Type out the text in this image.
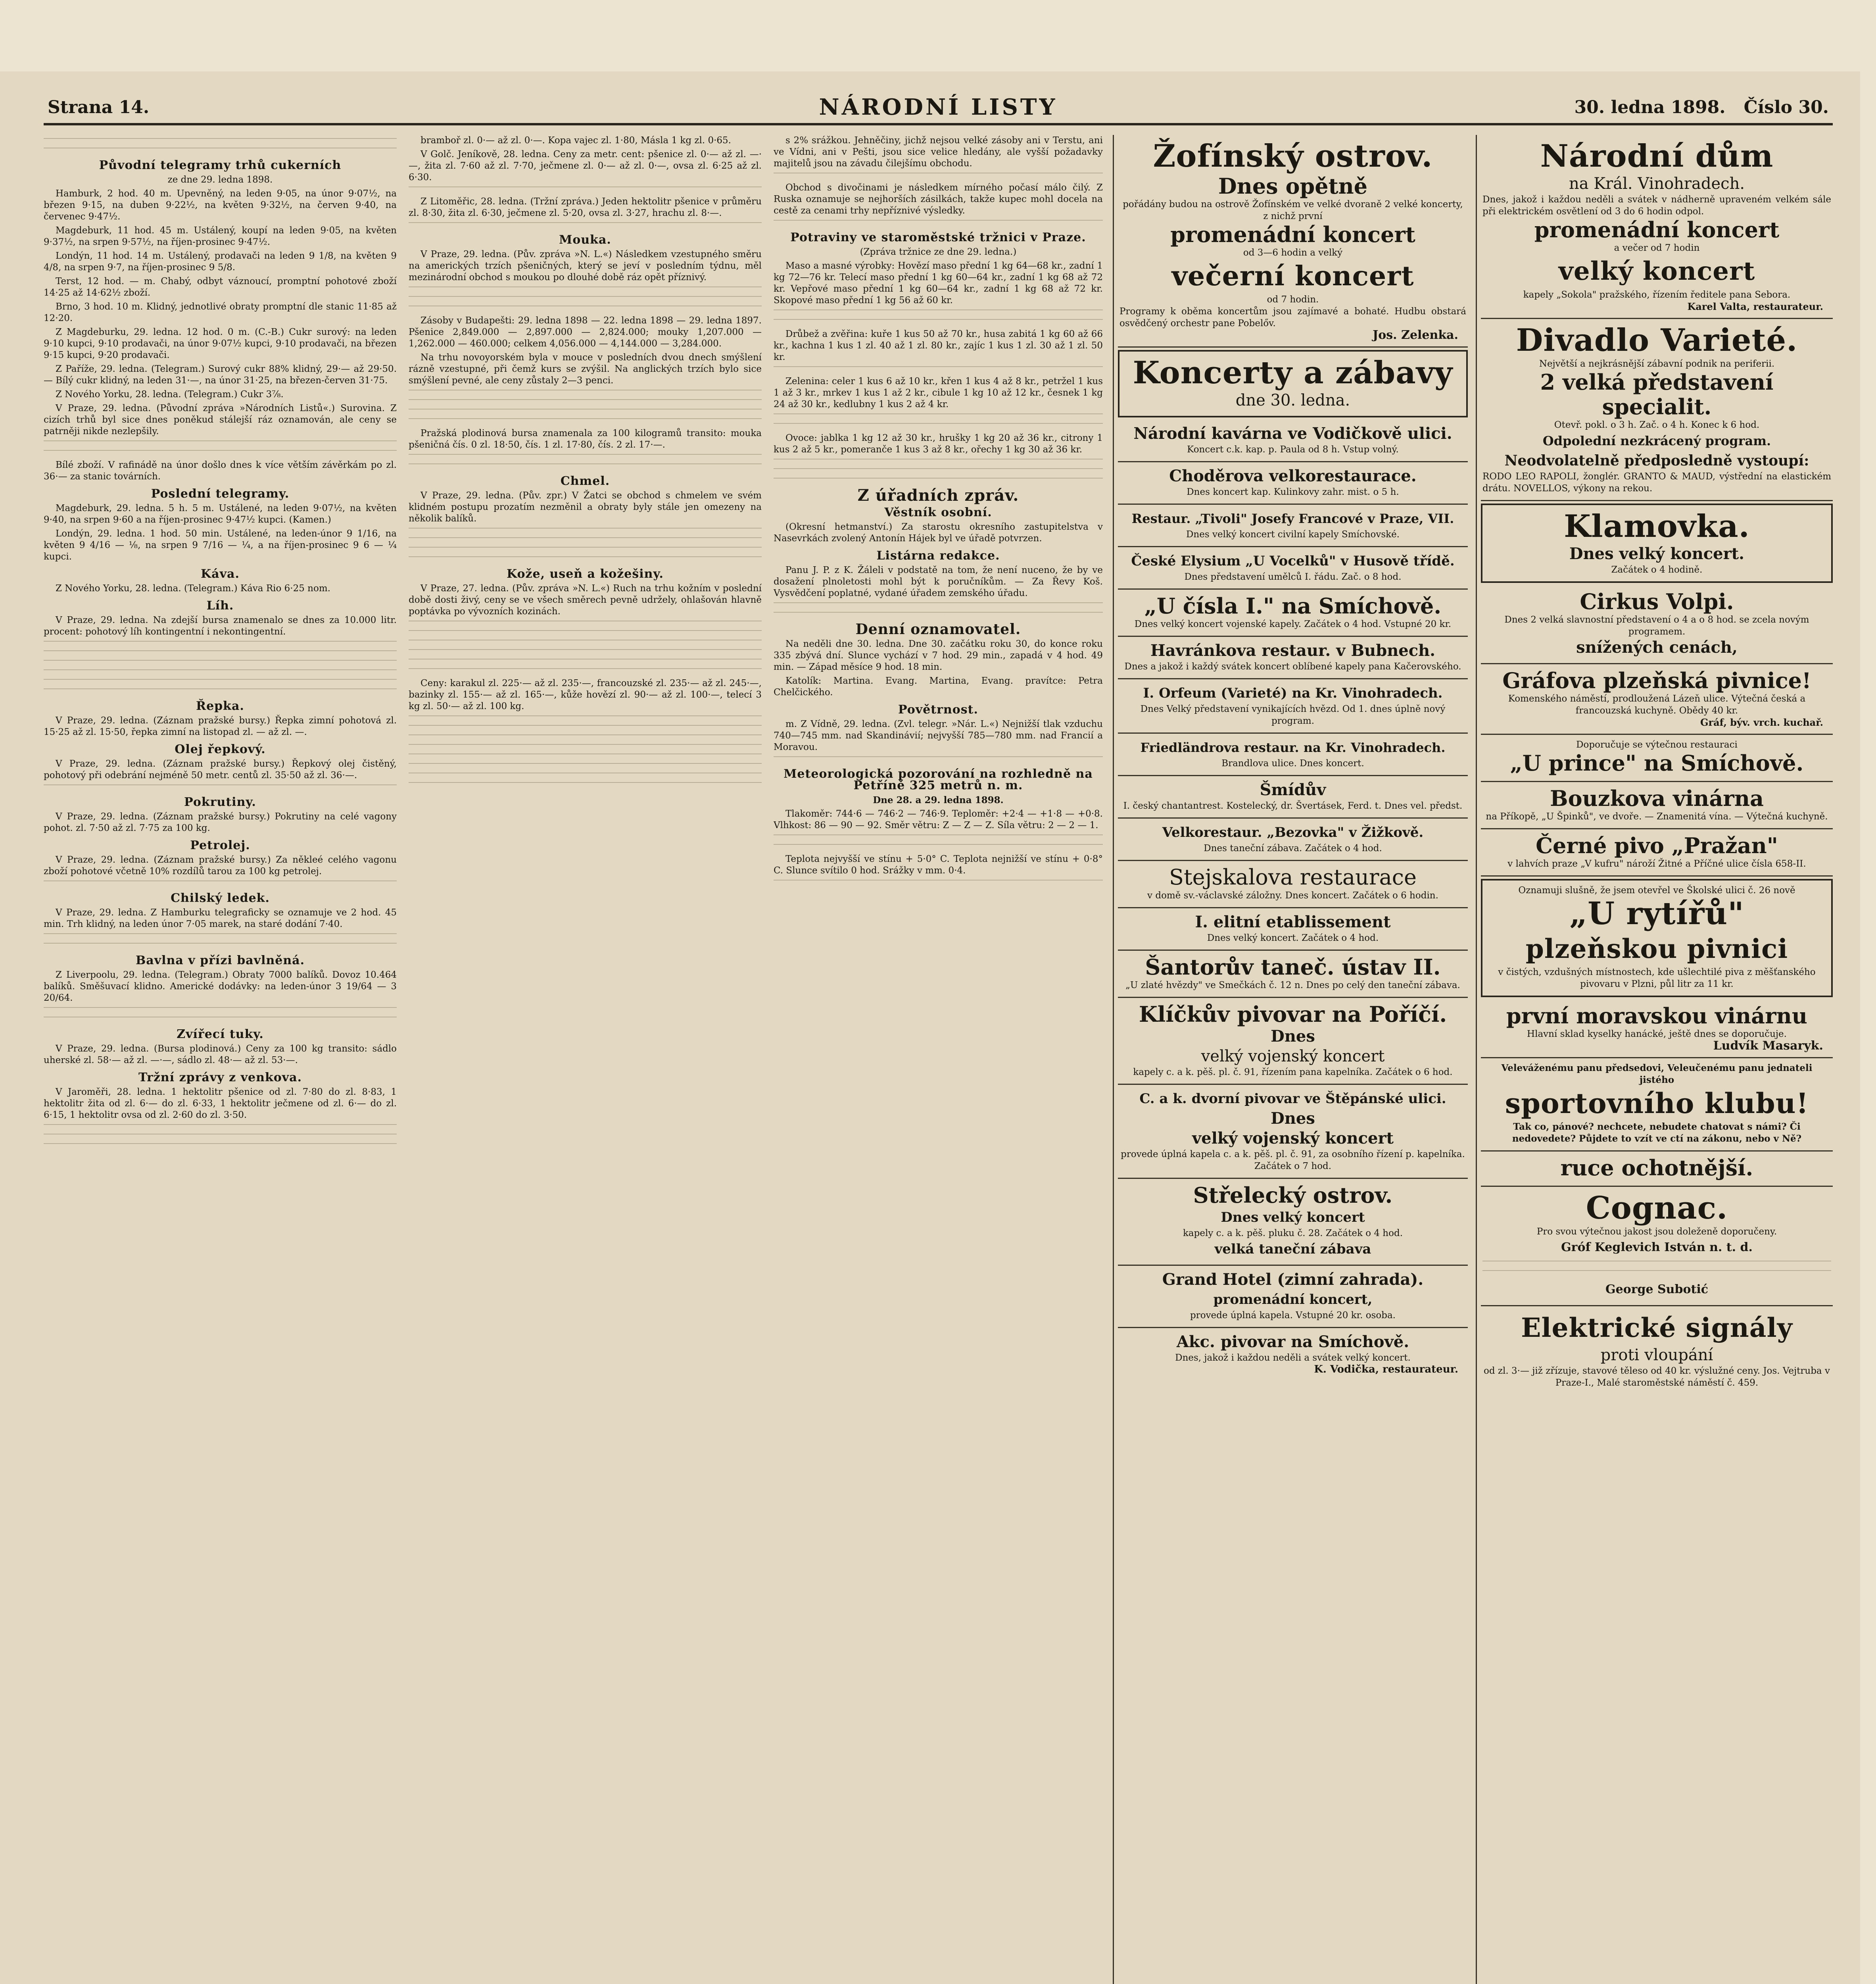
Strana 14.	NÁRODNÍ LISTY	30. ledna 1898. Číslo 30.
Původní telegramy trhů cukerních

ze dne 29. ledna 1898.

Hamburk, 2 hod. 40 m. Upevněný, na leden 9·05, na únor 9·07½, na březen 9·15, na duben 9·22½, na květen 9·32½, na červen 9·40, na červenec 9·47½.

Magdeburk, 11 hod. 45 m. Ustálený, koupí na leden 9·05, na květen 9·37½, na srpen 9·57½, na říjen-prosinec 9·47½.

Londýn, 11 hod. 14 m. Ustálený, prodavači na leden 9 1/8, na květen 9 4/8, na srpen 9·7, na říjen-prosinec 9 5/8.

Terst, 12 hod. — m. Chabý, odbyt váznoucí, promptní pohotové zboží 14·25 až 14·62½ zboží.

Brno, 3 hod. 10 m. Klidný, jednotlivé obraty promptní dle stanic 11·85 až 12·20.

Z Magdeburku, 29. ledna. 12 hod. 0 m. (C.-B.) Cukr surový: na leden 9·10 kupci, 9·10 prodavači, na únor 9·07½ kupci, 9·10 prodavači, na březen 9·15 kupci, 9·20 prodavači.

Z Paříže, 29. ledna. (Telegram.) Surový cukr 88% klidný, 29·— až 29·50. — Bílý cukr klidný, na leden 31·—, na únor 31·25, na březen-červen 31·75.

Z Nového Yorku, 28. ledna. (Telegram.) Cukr 3⅞.

V Praze, 29. ledna. (Původní zpráva »Národních Listů«.) Surovina. Z cizích trhů byl sice dnes poněkud stálejší ráz oznamován, ale ceny se patrněji nikde nezlepšily.

Bílé zboží. V rafinádě na únor došlo dnes k více větším závěrkám po zl. 36·— za stanic továrních.

Poslední telegramy.

Magdeburk, 29. ledna. 5 h. 5 m. Ustálené, na leden 9·07½, na květen 9·40, na srpen 9·60 a na říjen-prosinec 9·47½ kupci. (Kamen.)

Londýn, 29. ledna. 1 hod. 50 min. Ustálené, na leden-únor 9 1/16, na květen 9 4/16 — ⅛, na srpen 9 7/16 — ¼, a na říjen-prosinec 9 6 — ¼ kupci.

Káva.

Z Nového Yorku, 28. ledna. (Telegram.) Káva Rio 6·25 nom.

Líh.

V Praze, 29. ledna. Na zdejší bursa znamenalo se dnes za 10.000 litr. procent: pohotový líh kontingentní i nekontingentní.

Řepka.

V Praze, 29. ledna. (Záznam pražské bursy.) Řepka zimní pohotová zl. 15·25 až zl. 15·50, řepka zimní na listopad zl. — až zl. —.

Olej řepkový.

V Praze, 29. ledna. (Záznam pražské bursy.) Řepkový olej čistěný, pohotový při odebrání nejméně 50 metr. centů zl. 35·50 až zl. 36·—.

Pokrutiny.

V Praze, 29. ledna. (Záznam pražské bursy.) Pokrutiny na celé vagony pohot. zl. 7·50 až zl. 7·75 za 100 kg.

Petrolej.

V Praze, 29. ledna. (Záznam pražské bursy.) Za někleé celého vagonu zboží pohotové včetně 10% rozdílů tarou za 100 kg petrolej.

Chilský ledek.

V Praze, 29. ledna. Z Hamburku telegraficky se oznamuje ve 2 hod. 45 min. Trh klidný, na leden únor 7·05 marek, na staré dodání 7·40.

Bavlna v přízi bavlněná.

Z Liverpoolu, 29. ledna. (Telegram.) Obraty 7000 balíků. Dovoz 10.464 balíků. Směšuvací klidno. Americké dodávky: na leden-únor 3 19/64 — 3 20/64.

Zvířecí tuky.

V Praze, 29. ledna. (Bursa plodinová.) Ceny za 100 kg transito: sádlo uherské zl. 58·— až zl. —·—, sádlo zl. 48·— až zl. 53·—.

Tržní zprávy z venkova.

V Jaroměři, 28. ledna. 1 hektolitr pšenice od zl. 7·80 do zl. 8·83, 1 hektolitr žita od zl. 6·— do zl. 6·33, 1 hektolitr ječmene od zl. 6·— do zl. 6·15, 1 hektolitr ovsa od zl. 2·60 do zl. 3·50.

bramboř zl. 0·— až zl. 0·—. Kopa vajec zl. 1·80, Másla 1 kg zl. 0·65.

V Golč. Jeníkově, 28. ledna. Ceny za metr. cent: pšenice zl. 0·— až zl. —·—, žita zl. 7·60 až zl. 7·70, ječmene zl. 0·— až zl. 0·—, ovsa zl. 6·25 až zl. 6·30.

Z Litoměřic, 28. ledna. (Tržní zpráva.) Jeden hektolitr pšenice v průměru zl. 8·30, žita zl. 6·30, ječmene zl. 5·20, ovsa zl. 3·27, hrachu zl. 8·—.

Mouka.

V Praze, 29. ledna. (Pův. zpráva »N. L.«) Následkem vzestupného směru na amerických trzích pšeničných, který se jeví v posledním týdnu, měl mezinárodní obchod s moukou po dlouhé době ráz opět příznivý.

Zásoby v Budapešti: 29. ledna 1898 — 22. ledna 1898 — 29. ledna 1897. Pšenice 2,849.000 — 2,897.000 — 2,824.000; mouky 1,207.000 — 1,262.000 — 460.000; celkem 4,056.000 — 4,144.000 — 3,284.000.

Na trhu novoyorském byla v mouce v posledních dvou dnech smýšlení rázně vzestupné, při čemž kurs se zvýšil. Na anglických trzích bylo sice smýšlení pevné, ale ceny zůstaly 2—3 penci.

Pražská plodinová bursa znamenala za 100 kilogramů transito: mouka pšeničná čís. 0 zl. 18·50, čís. 1 zl. 17·80, čís. 2 zl. 17·—.

Chmel.

V Praze, 29. ledna. (Pův. zpr.) V Žatci se obchod s chmelem ve svém klidném postupu prozatím nezměnil a obraty byly stále jen omezeny na několik balíků.

Kože, useň a kožešiny.

V Praze, 27. ledna. (Pův. zpráva »N. L.«) Ruch na trhu kožním v poslední době dosti živý, ceny se ve všech směrech pevně udržely, ohlašován hlavně poptávka po vývozních kozinách.

Ceny: karakul zl. 225·— až zl. 235·—, francouzské zl. 235·— až zl. 245·—, bazinky zl. 155·— až zl. 165·—, kůže hovězí zl. 90·— až zl. 100·—, telecí 3 kg zl. 50·— až zl. 100 kg.

s 2% srážkou. Jehněčiny, jichž nejsou velké zásoby ani v Terstu, ani ve Vídni, ani v Pešti, jsou sice velice hledány, ale vyšší požadavky majitelů jsou na závadu čilejšímu obchodu.

Obchod s divočinami je následkem mírného počasí málo čilý. Z Ruska oznamuje se nejhorších zásilkách, takže kupec mohl docela na cestě za cenami trhy nepříznivé výsledky.

Potraviny ve staroměstské tržnici v Praze.

(Zpráva tržnice ze dne 29. ledna.)

Maso a masné výrobky: Hovězí maso přední 1 kg 64—68 kr., zadní 1 kg 72—76 kr. Telecí maso přední 1 kg 60—64 kr., zadní 1 kg 68 až 72 kr. Vepřové maso přední 1 kg 60—64 kr., zadní 1 kg 68 až 72 kr. Skopové maso přední 1 kg 56 až 60 kr.

Drůbež a zvěřina: kuře 1 kus 50 až 70 kr., husa zabitá 1 kg 60 až 66 kr., kachna 1 kus 1 zl. 40 až 1 zl. 80 kr., zajíc 1 kus 1 zl. 30 až 1 zl. 50 kr.

Zelenina: celer 1 kus 6 až 10 kr., křen 1 kus 4 až 8 kr., petržel 1 kus 1 až 3 kr., mrkev 1 kus 1 až 2 kr., cibule 1 kg 10 až 12 kr., česnek 1 kg 24 až 30 kr., kedlubny 1 kus 2 až 4 kr.

Ovoce: jablka 1 kg 12 až 30 kr., hrušky 1 kg 20 až 36 kr., citrony 1 kus 2 až 5 kr., pomeranče 1 kus 3 až 8 kr., ořechy 1 kg 30 až 36 kr.

Z úřadních zpráv.
Věstník osobní.

(Okresní hetmanství.) Za starostu okresního zastupitelstva v Nasevrkách zvolený Antonín Hájek byl ve úřadě potvrzen.

Listárna redakce.

Panu J. P. z K. Žáleli v podstatě na tom, že není nuceno, že by ve dosažení plnoletosti mohl být k poručníkům. — Za Řevy Koš. Vysvědčení poplatné, vydané úřadem zemského úřadu.

Denní oznamovatel.

Na neděli dne 30. ledna. Dne 30. začátku roku 30, do konce roku 335 zbývá dní. Slunce vychází v 7 hod. 29 min., zapadá v 4 hod. 49 min. — Západ měsíce 9 hod. 18 min.

Katolík: Martina. Evang. Martina, Evang. pravítce: Petra Chelčického.

Povětrnost.

m. Z Vídně, 29. ledna. (Zvl. telegr. »Nár. L.«) Nejnižší tlak vzduchu 740—745 mm. nad Skandinávií; nejvyšší 785—780 mm. nad Francií a Moravou.

Meteorologická pozorování na rozhledně na Petříně 325 metrů n. m.

Dne 28. a 29. ledna 1898.

Tlakoměr: 744·6 — 746·2 — 746·9. Teploměr: +2·4 — +1·8 — +0·8. Vlhkost: 86 — 90 — 92. Směr větru: Z — Z — Z. Síla větru: 2 — 2 — 1.

Teplota nejvyšší ve stínu + 5·0° C. Teplota nejnižší ve stínu + 0·8° C. Slunce svítilo 0 hod. Srážky v mm. 0·4.

Žofínský ostrov.
Dnes opětně
pořádány budou na ostrově Žofínském ve velké dvoraně 2 velké koncerty, z nichž první
promenádní koncert
od 3—6 hodin a velký
večerní koncert
od 7 hodin.
Programy k oběma koncertům jsou zajímavé a bohaté. Hudbu obstará osvědčený orchestr pane Pobelőv.
Jos. Zelenka.
Koncerty a zábavy
dne 30. ledna.
Národní kavárna ve Vodičkově ulici.
Koncert c.k. kap. p. Paula od 8 h. Vstup volný.
Choděrova velkorestaurace.
Dnes koncert kap. Kulinkovy zahr. mist. o 5 h.
Restaur. „Tivoli" Josefy Francové v Praze, VII.
Dnes velký koncert civilní kapely Smíchovské.
České Elysium „U Vocelků" v Husově třídě.
Dnes představení umělců I. řádu. Zač. o 8 hod.
„U čísla I." na Smíchově.
Dnes velký koncert vojenské kapely. Začátek o 4 hod. Vstupné 20 kr.
Havránkova restaur. v Bubnech.
Dnes a jakož i každý svátek koncert oblíbené kapely pana Kačerovského.
I. Orfeum (Varieté) na Kr. Vinohradech.
Dnes Velký představení vynikajících hvězd. Od 1. dnes úplně nový program.
Friedländrova restaur. na Kr. Vinohradech.
Brandlova ulice. Dnes koncert.
Šmídův
I. český chantantrest. Kostelecký, dr. Švertásek, Ferd. t. Dnes vel. předst.
Velkorestaur. „Bezovka" v Žižkově.
Dnes taneční zábava. Začátek o 4 hod.
Stejskalova restaurace
v domě sv.-václavské záložny. Dnes koncert. Začátek o 6 hodin.
I. elitní etablissement
Dnes velký koncert. Začátek o 4 hod.
Šantorův taneč. ústav II.
„U zlaté hvězdy" ve Smečkách č. 12 n. Dnes po celý den taneční zábava.
Klíčkův pivovar na Poříčí.
Dnes
velký vojenský koncert
kapely c. a k. pěš. pl. č. 91, řízením pana kapelníka. Začátek o 6 hod.
C. a k. dvorní pivovar ve Štěpánské ulici.
Dnes
velký vojenský koncert
provede úplná kapela c. a k. pěš. pl. č. 91, za osobního řízení p. kapelníka. Začátek o 7 hod.
Střelecký ostrov.
Dnes velký koncert
kapely c. a k. pěš. pluku č. 28. Začátek o 4 hod.
velká taneční zábava
Grand Hotel (zimní zahrada).
promenádní koncert,
provede úplná kapela. Vstupné 20 kr. osoba.
Akc. pivovar na Smíchově.
Dnes, jakož i každou neděli a svátek velký koncert.
K. Vodička, restaurateur.
Národní dům
na Král. Vinohradech.
Dnes, jakož i každou neděli a svátek v nádherně upraveném velkém sále při elektrickém osvětlení od 3 do 6 hodin odpol.
promenádní koncert
a večer od 7 hodin
velký koncert
kapely „Sokola" pražského, řízením ředitele pana Sebora.
Karel Valta, restaurateur.
Divadlo Varieté.
Největší a nejkrásnější zábavní podnik na periferii.
2 velká představení specialit.
Otevř. pokl. o 3 h. Zač. o 4 h. Konec k 6 hod.
Odpolední nezkrácený program.
Neodvolatelně předposledně vystoupí:
RODO LEO RAPOLI, žonglér. GRANTO & MAUD, výstřední na elastickém drátu. NOVELLOS, výkony na rekou.
Klamovka.
Dnes velký koncert.
Začátek o 4 hodině.
Cirkus Volpi.
Dnes 2 velká slavnostní představení o 4 a o 8 hod. se zcela novým programem.
snížených cenách,
Gráfova plzeňská pivnice!
Komenského náměstí, prodloužená Lázeň ulice. Výtečná česká a francouzská kuchyně. Obědy 40 kr.
Gráf, býv. vrch. kuchař.
Doporučuje se výtečnou restauraci
„U prince" na Smíchově.
Bouzkova vinárna
na Příkopě, „U Špinků", ve dvoře. — Znamenitá vína. — Výtečná kuchyně.
Černé pivo „Pražan"
v lahvích praze „V kufru" nároží Žitné a Příčné ulice čísla 658-II.
Oznamuji slušně, že jsem otevřel ve Školské ulici č. 26 nově
„U rytířů"
plzeňskou pivnici
v čistých, vzdušných místnostech, kde ušlechtilé piva z měšťanského pivovaru v Plzni, půl litr za 11 kr.
první moravskou vinárnu
Hlavní sklad kyselky hanácké, ještě dnes se doporučuje.
Ludvík Masaryk.
Veleváženému panu předsedovi, Veleučenému panu jednateli jistého
sportovního klubu!
Tak co, pánové? nechcete, nebudete chatovat s námi? Či nedovedete? Půjdete to vzít ve ctí na zákonu, nebo v Ně?
ruce ochotnější.
Cognac.
Pro svou výtečnou jakost jsou doleženě doporučeny.
Gróf Keglevich István n. t. d.
George Subotić
Elektrické signály
proti vloupání
od zl. 3·— již zřízuje, stavové těleso od 40 kr. výslužné ceny. Jos. Vejtruba v Praze-I., Malé staroměstské náměstí č. 459.
